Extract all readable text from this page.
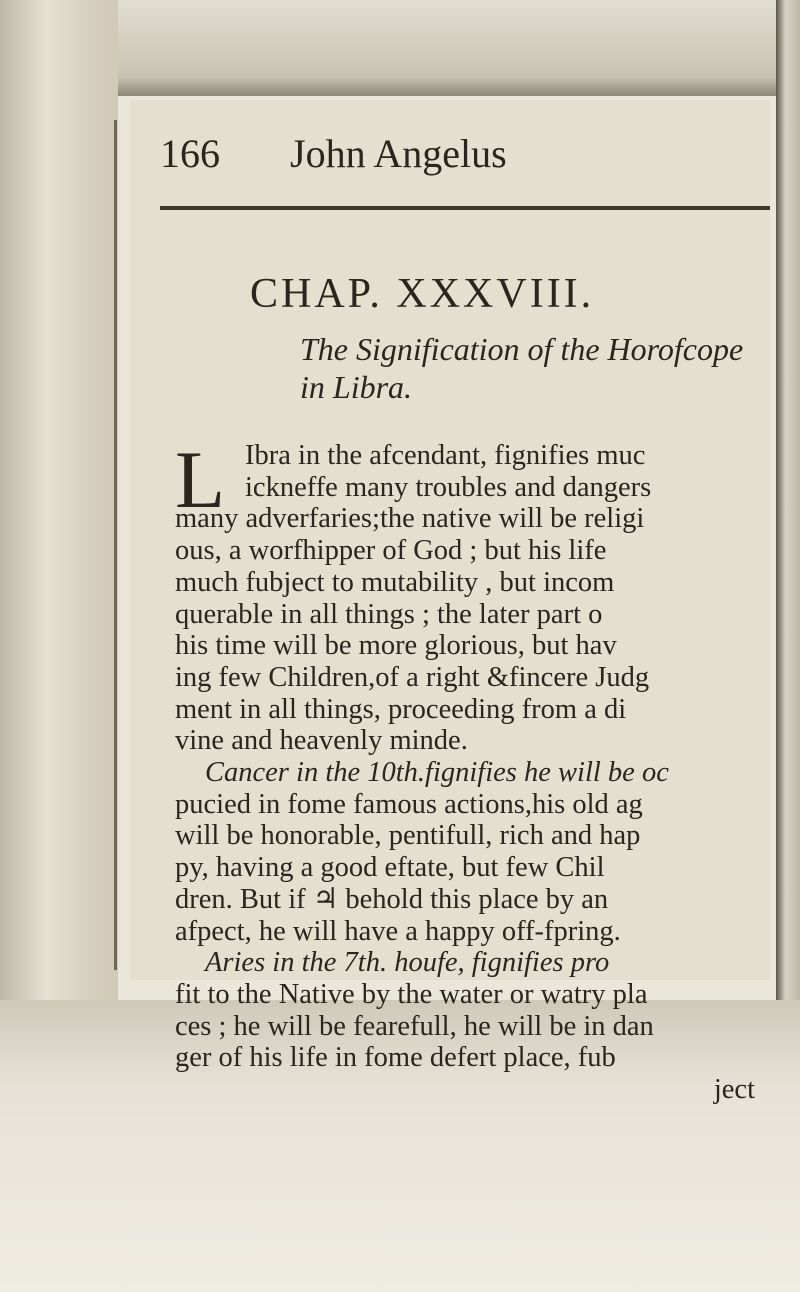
166 John Angelus
CHAP. XXXVIII.
The Signification of the Horofcope
in Libra.
L Ibra in the afcendant, fignifies muc
ickneffe many troubles and dangers
many adverfaries;the native will be religi
ous, a worfhipper of God ; but his life
much fubject to mutability , but incom
querable in all things ; the later part o
his time will be more glorious, but hav
ing few Children,of a right &fincere Judg
ment in all things, proceeding from a di
vine and heavenly minde.
Cancer in the 10th.fignifies he will be oc
pucied in fome famous actions,his old ag
will be honorable, pentifull, rich and hap
py, having a good eftate, but few Chil
dren. But if ♃ behold this place by an
afpect, he will have a happy off-fpring.
Aries in the 7th. houfe, fignifies pro
fit to the Native by the water or watry pla
ces ; he will be fearefull, he will be in dan
ger of his life in fome defert place, fub
ject
